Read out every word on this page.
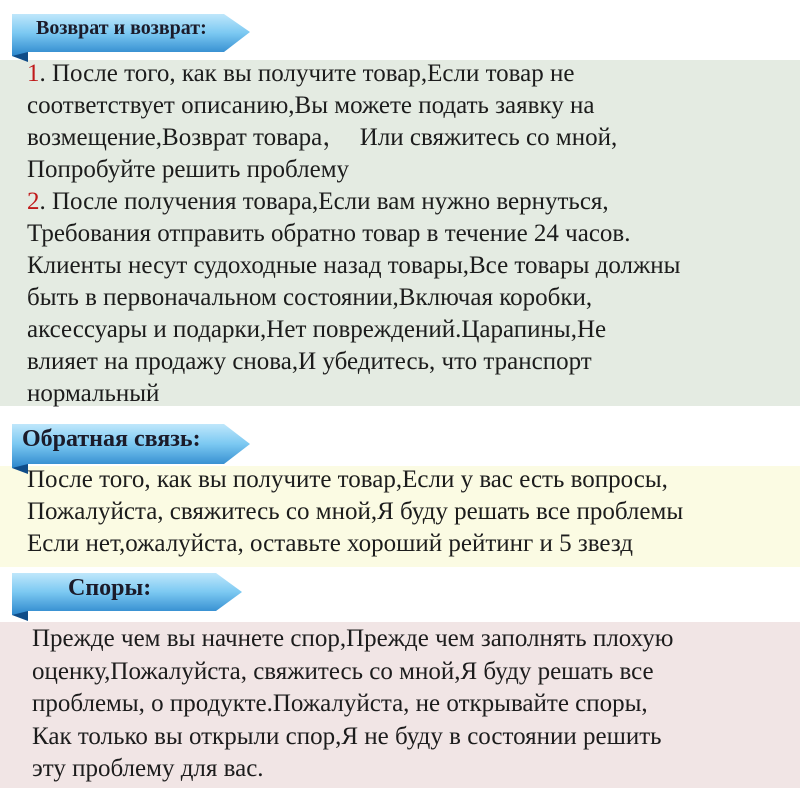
Возврат и возврат:
1. После того, как вы получите товар,Если товар не
соответствует описанию,Вы можете подать заявку на
возмещение,Возврат товара，  Или свяжитесь со мной,
Попробуйте решить проблему
2. После получения товара,Если вам нужно вернуться,
Требования отправить обратно товар в течение 24 часов.
Клиенты несут судоходные назад товары,Все товары должны
быть в первоначальном состоянии,Включая коробки,
аксессуары и подарки,Нет повреждений.Царапины,Не
влияет на продажу снова,И убедитесь, что транспорт
нормальный
Обратная связь:
После того, как вы получите товар,Если у вас есть вопросы,
Пожалуйста, свяжитесь со мной,Я буду решать все проблемы
Если нет,ожалуйста, оставьте хороший рейтинг и 5 звезд
Споры:
Прежде чем вы начнете спор,Прежде чем заполнять плохую
оценку,Пожалуйста, свяжитесь со мной,Я буду решать все
проблемы, о продукте.Пожалуйста, не открывайте споры,
Как только вы открыли спор,Я не буду в состоянии решить
эту проблему для вас.
